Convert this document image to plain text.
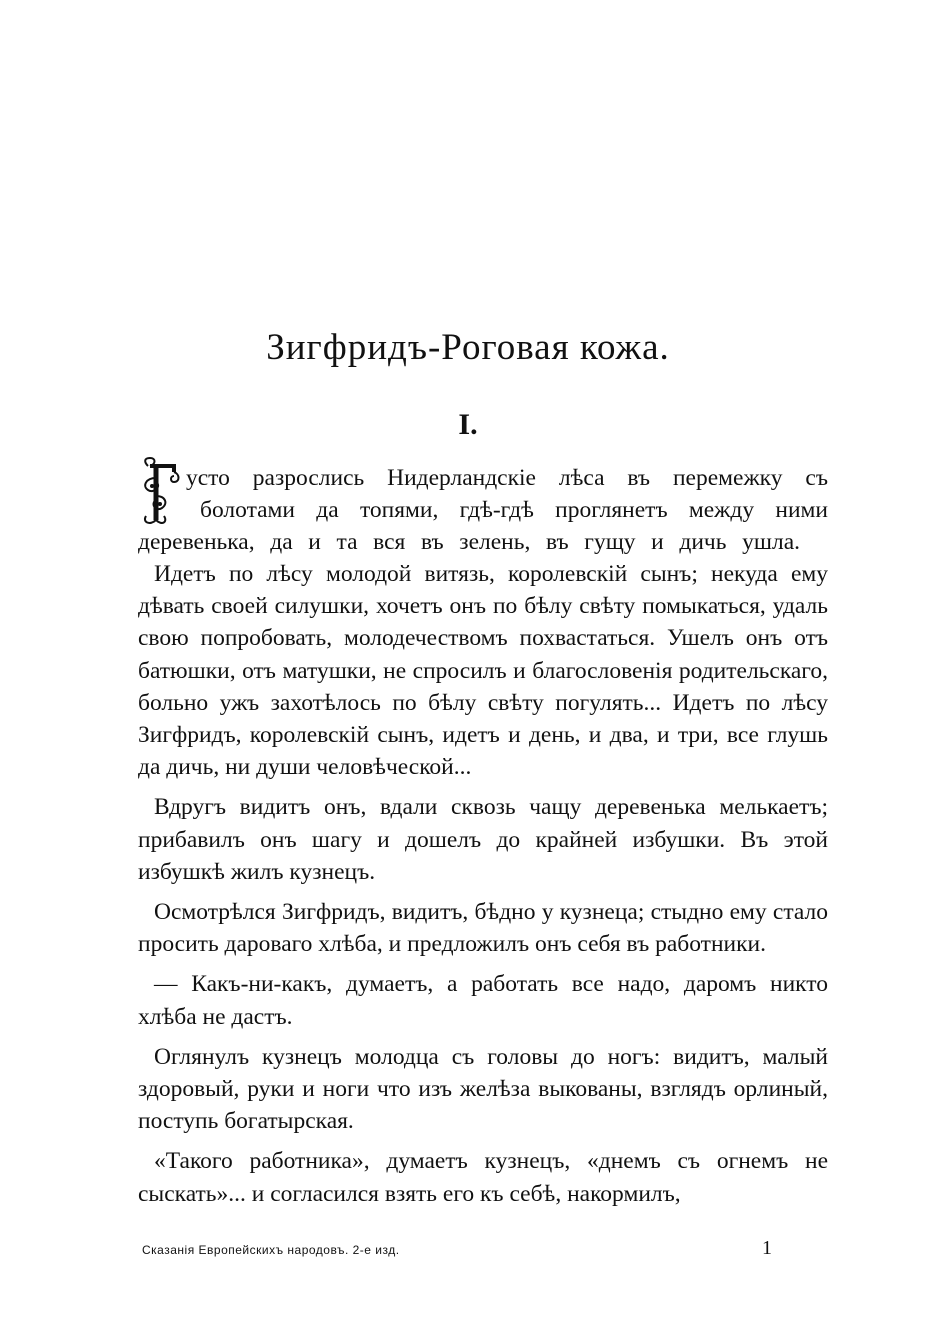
Зигфридъ-Роговая кожа.
I.
усто разрослись Нидерландскіе лѣса въ перемежку съ
болотами да топями, гдѣ-гдѣ проглянетъ между ними
деревенька, да и та вся въ зелень, въ гущу и дичь ушла.

Идетъ по лѣсу молодой витязь, королевскій сынъ; некуда ему дѣвать своей силушки, хочетъ онъ по бѣлу свѣту помыкаться, удаль свою попробовать, молодечествомъ похвастаться. Ушелъ онъ отъ батюшки, отъ матушки, не спросилъ и благословенія родительскаго, больно ужъ захотѣлось по бѣлу свѣту погулять... Идетъ по лѣсу Зигфридъ, королевскій сынъ, идетъ и день, и два, и три, все глушь да дичь, ни души человѣческой...

Вдругъ видитъ онъ, вдали сквозь чащу деревенька мелькаетъ; прибавилъ онъ шагу и дошелъ до крайней избушки. Въ этой избушкѣ жилъ кузнецъ.

Осмотрѣлся Зигфридъ, видитъ, бѣдно у кузнеца; стыдно ему стало просить дароваго хлѣба, и предложилъ онъ себя въ работники.

— Какъ-ни-какъ, думаетъ, а работать все надо, даромъ никто хлѣба не дастъ.

Оглянулъ кузнецъ молодца съ головы до ногъ: видитъ, малый здоровый, руки и ноги что изъ желѣза выкованы, взглядъ орлиный, поступь богатырская.

«Такого работника», думаетъ кузнецъ, «днемъ съ огнемъ не сыскать»... и согласился взять его къ себѣ, накормилъ,

Сказанія Европейскихъ народовъ. 2-е изд.	1
